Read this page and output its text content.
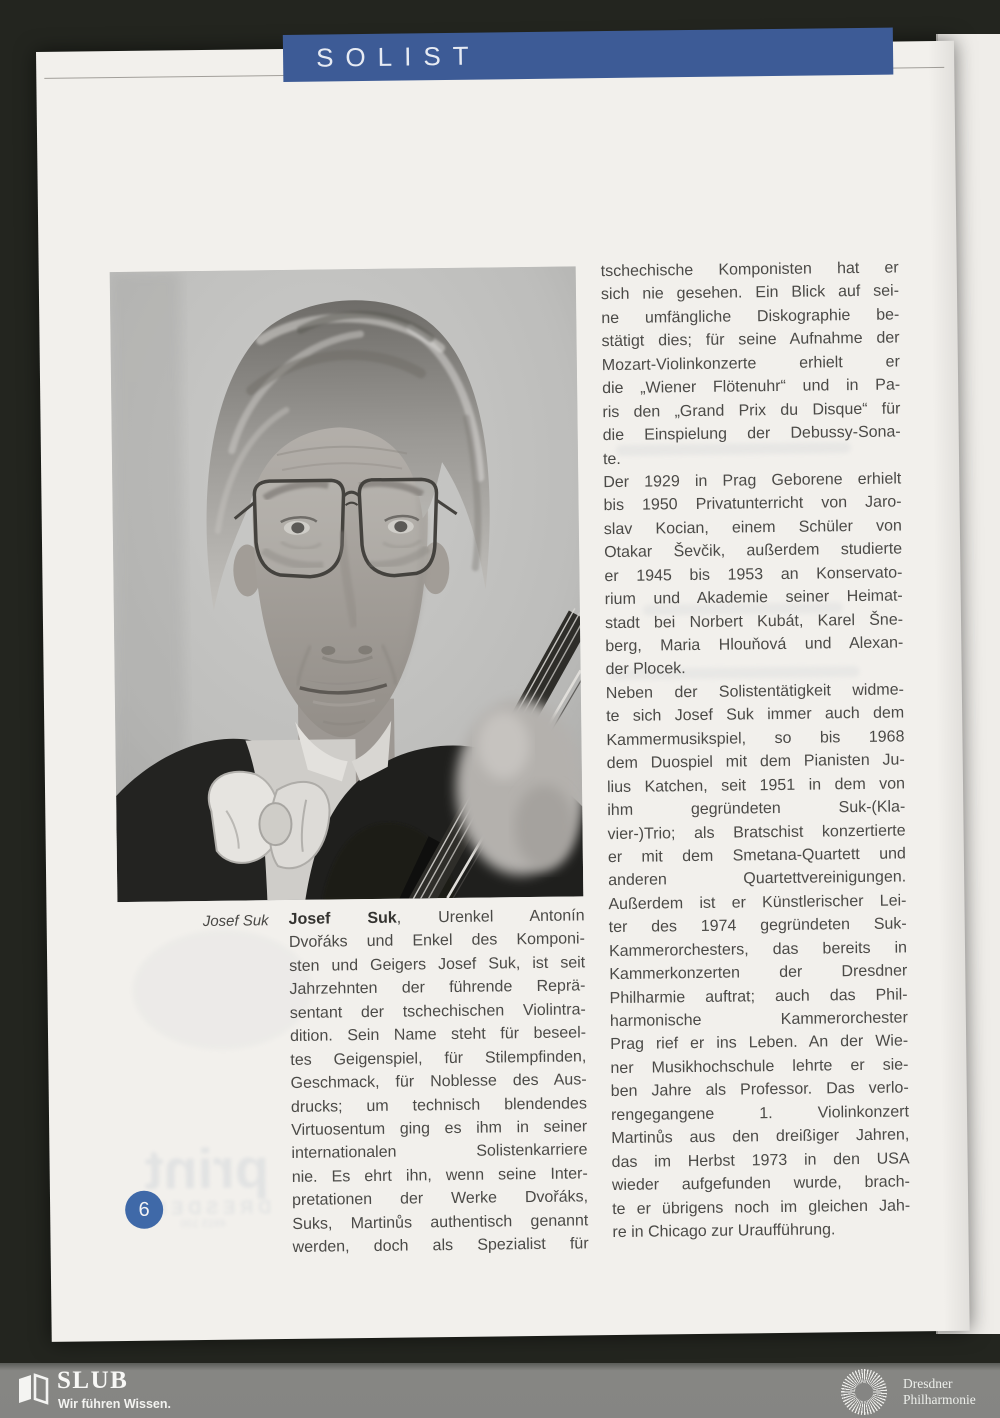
SOLIST
print
DRESDEN
4915 100
Josef Suk Josef Suk, Urenkel Antonín
Dvořáks und Enkel des Komponi-
sten und Geigers Josef Suk, ist seit
Jahrzehnten der führende Reprä-
sentant der tschechischen Violintra-
dition. Sein Name steht für beseel-
tes Geigenspiel, für Stilempfinden,
Geschmack, für Noblesse des Aus-
drucks; um technisch blendendes
Virtuosentum ging es ihm in seiner
internationalen Solistenkarriere
nie. Es ehrt ihn, wenn seine Inter-
pretationen der Werke Dvořáks,
Suks, Martinůs authentisch genannt
werden, doch als Spezialist für
tschechische Komponisten hat er
sich nie gesehen. Ein Blick auf sei-
ne umfängliche Diskographie be-
stätigt dies; für seine Aufnahme der
Mozart-Violinkonzerte erhielt er
die „Wiener Flötenuhr“ und in Pa-
ris den „Grand Prix du Disque“ für
die Einspielung der Debussy-Sona-
te.
Der 1929 in Prag Geborene erhielt
bis 1950 Privatunterricht von Jaro-
slav Kocian, einem Schüler von
Otakar Ševčik, außerdem studierte
er 1945 bis 1953 an Konservato-
rium und Akademie seiner Heimat-
stadt bei Norbert Kubát, Karel Šne-
berg, Maria Hlouňová und Alexan-
der Plocek.
Neben der Solistentätigkeit widme-
te sich Josef Suk immer auch dem
Kammermusikspiel, so bis 1968
dem Duospiel mit dem Pianisten Ju-
lius Katchen, seit 1951 in dem von
ihm gegründeten Suk-(Kla-
vier-)Trio; als Bratschist konzertierte
er mit dem Smetana-Quartett und
anderen Quartettvereinigungen.
Außerdem ist er Künstlerischer Lei-
ter des 1974 gegründeten Suk-
Kammerorchesters, das bereits in
Kammerkonzerten der Dresdner
Philharmie auftrat; auch das Phil-
harmonische Kammerorchester
Prag rief er ins Leben. An der Wie-
ner Musikhochschule lehrte er sie-
ben Jahre als Professor. Das verlo-
rengegangene 1. Violinkonzert
Martinůs aus den dreißiger Jahren,
das im Herbst 1973 in den USA
wieder aufgefunden wurde, brach-
te er übrigens noch im gleichen Jah-
re in Chicago zur Uraufführung.
6
SLUB
Wir führen Wissen.
Dresdner
Philharmonie
